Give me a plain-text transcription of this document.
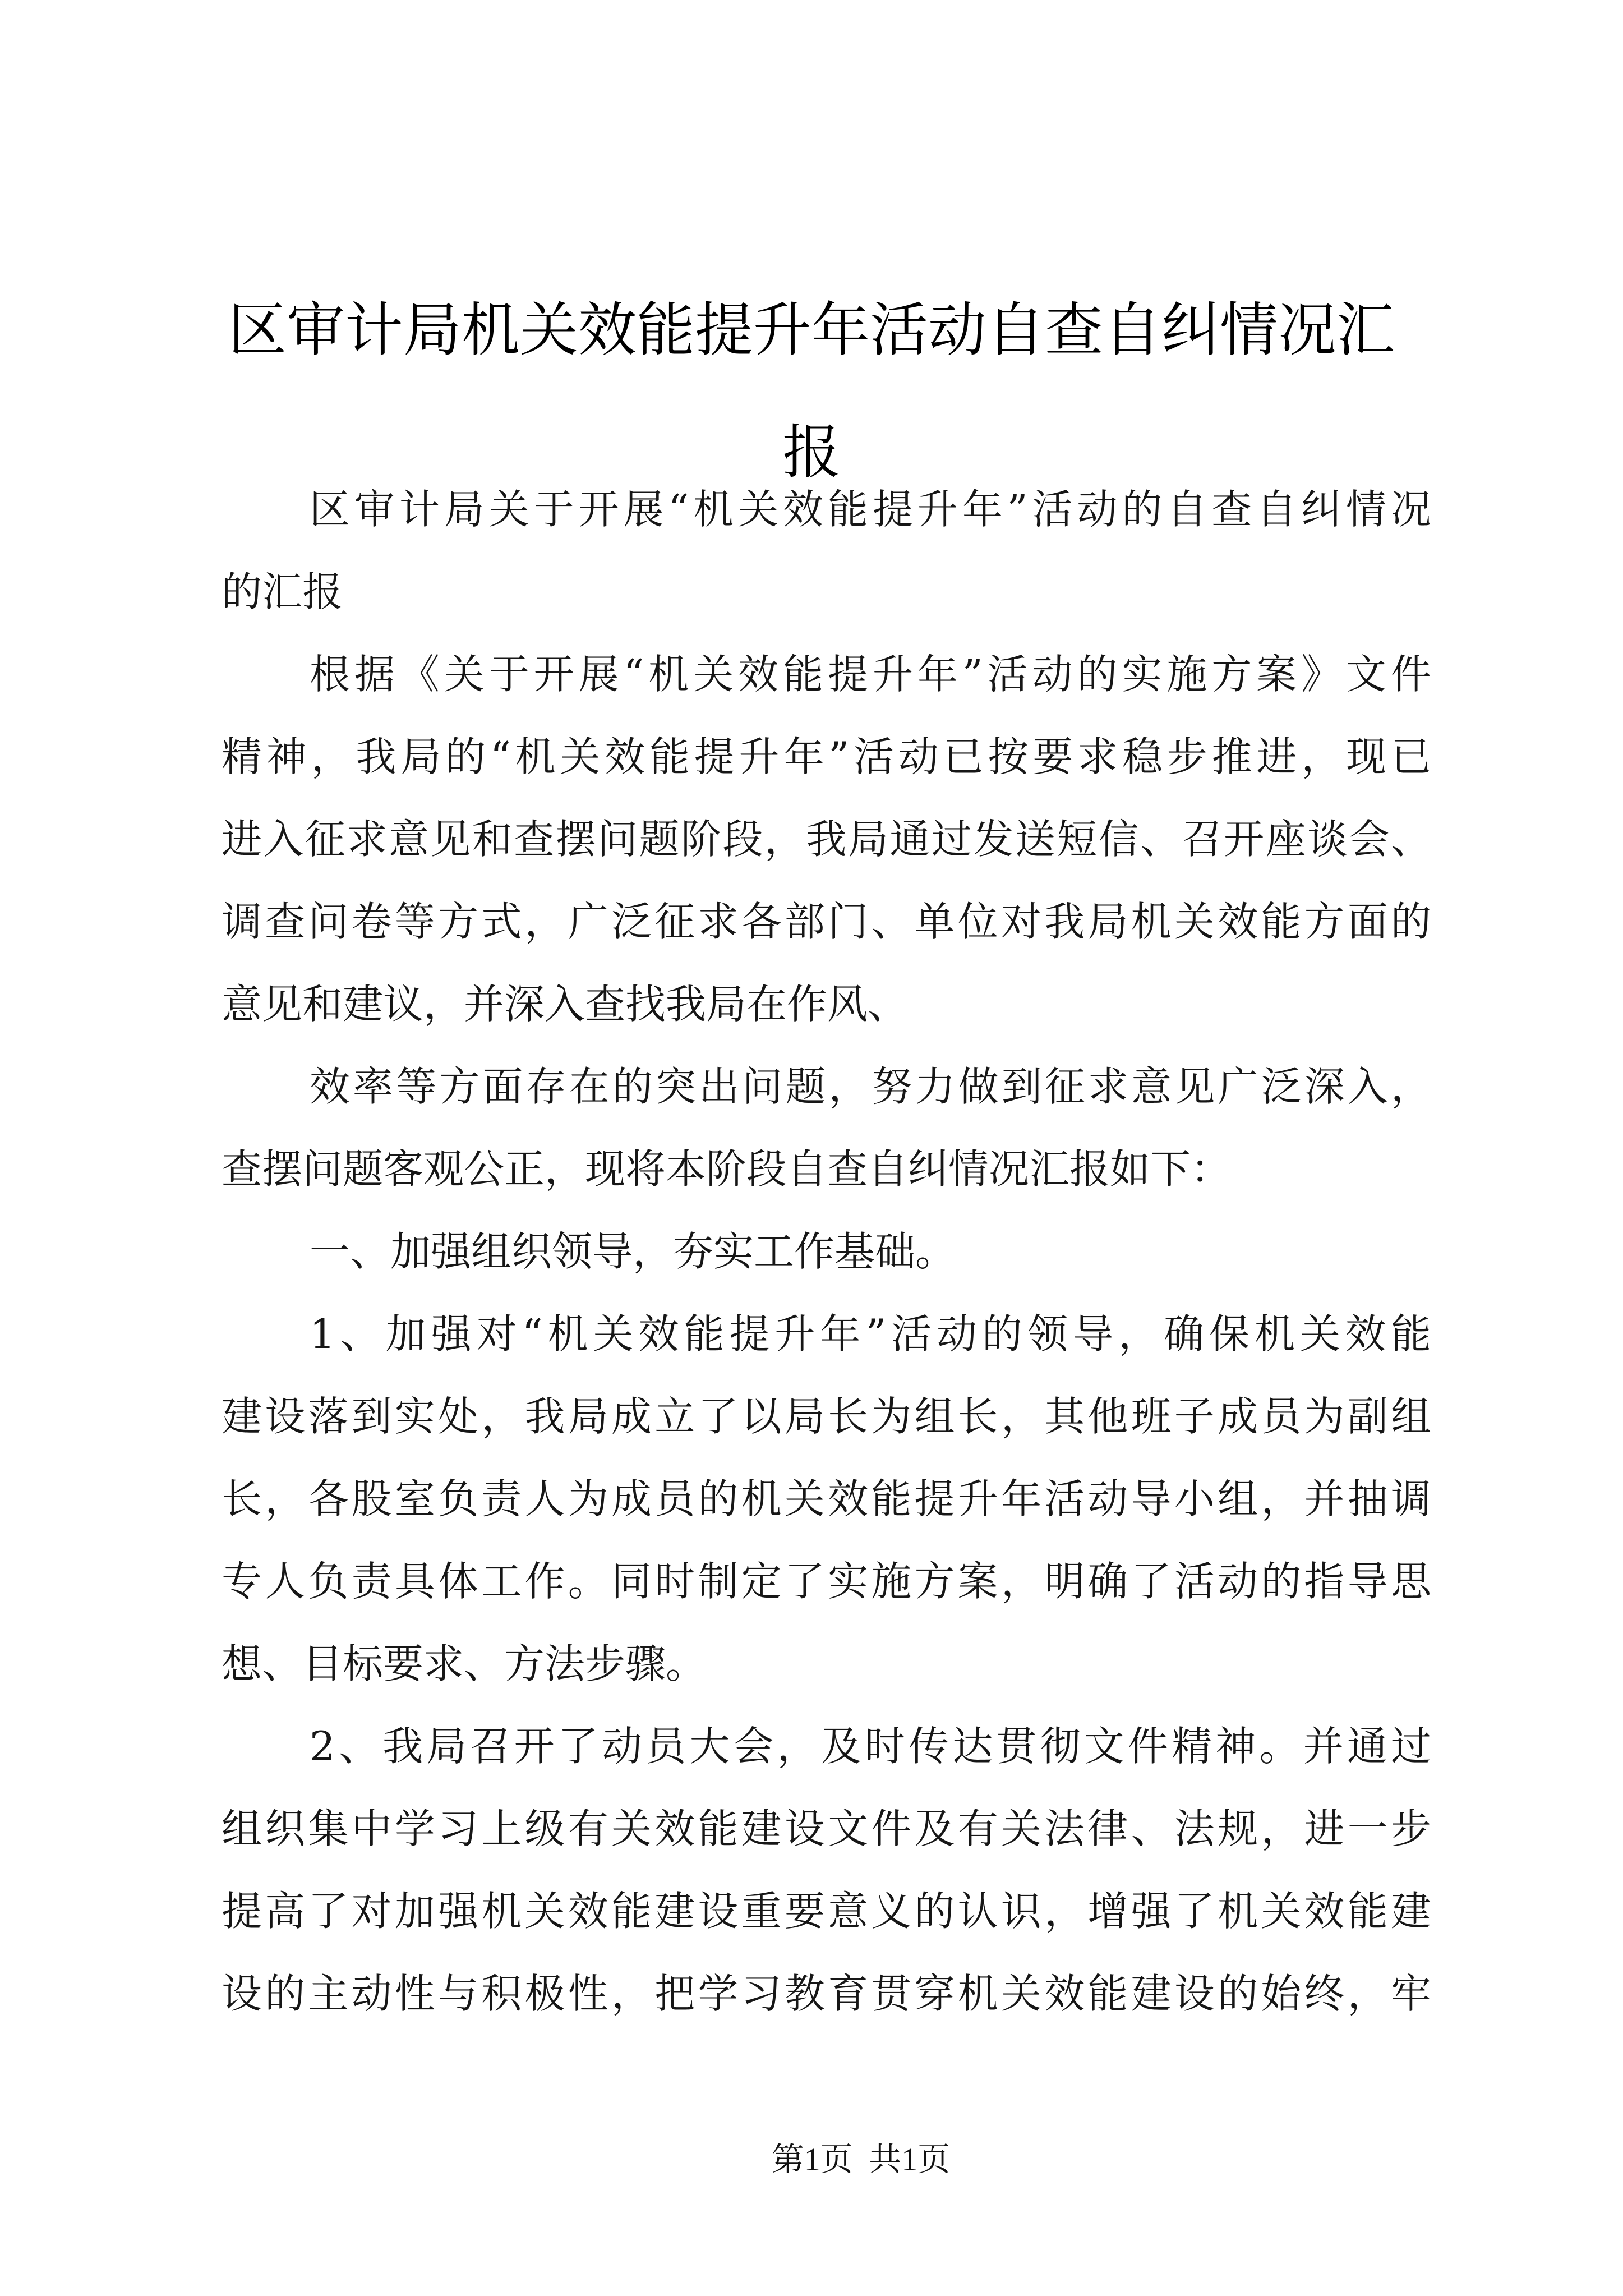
区审计局机关效能提升年活动自查自纠情况汇
报
区审计局关于开展“机关效能提升年”活动的自查自纠情况
的汇报
根据《关于开展“机关效能提升年”活动的实施方案》文件
精神，我局的“机关效能提升年”活动已按要求稳步推进，现已
进入征求意见和查摆问题阶段，我局通过发送短信、召开座谈会、
调查问卷等方式，广泛征求各部门、单位对我局机关效能方面的
意见和建议，并深入查找我局在作风、
效率等方面存在的突出问题，努力做到征求意见广泛深入，
查摆问题客观公正，现将本阶段自查自纠情况汇报如下：
一、加强组织领导，夯实工作基础。
1、加强对“机关效能提升年”活动的领导，确保机关效能
建设落到实处，我局成立了以局长为组长，其他班子成员为副组
长，各股室负责人为成员的机关效能提升年活动导小组，并抽调
专人负责具体工作。同时制定了实施方案，明确了活动的指导思
想、目标要求、方法步骤。
2、我局召开了动员大会，及时传达贯彻文件精神。并通过
组织集中学习上级有关效能建设文件及有关法律、法规，进一步
提高了对加强机关效能建设重要意义的认识，增强了机关效能建
设的主动性与积极性，把学习教育贯穿机关效能建设的始终，牢
第1页 共1页
